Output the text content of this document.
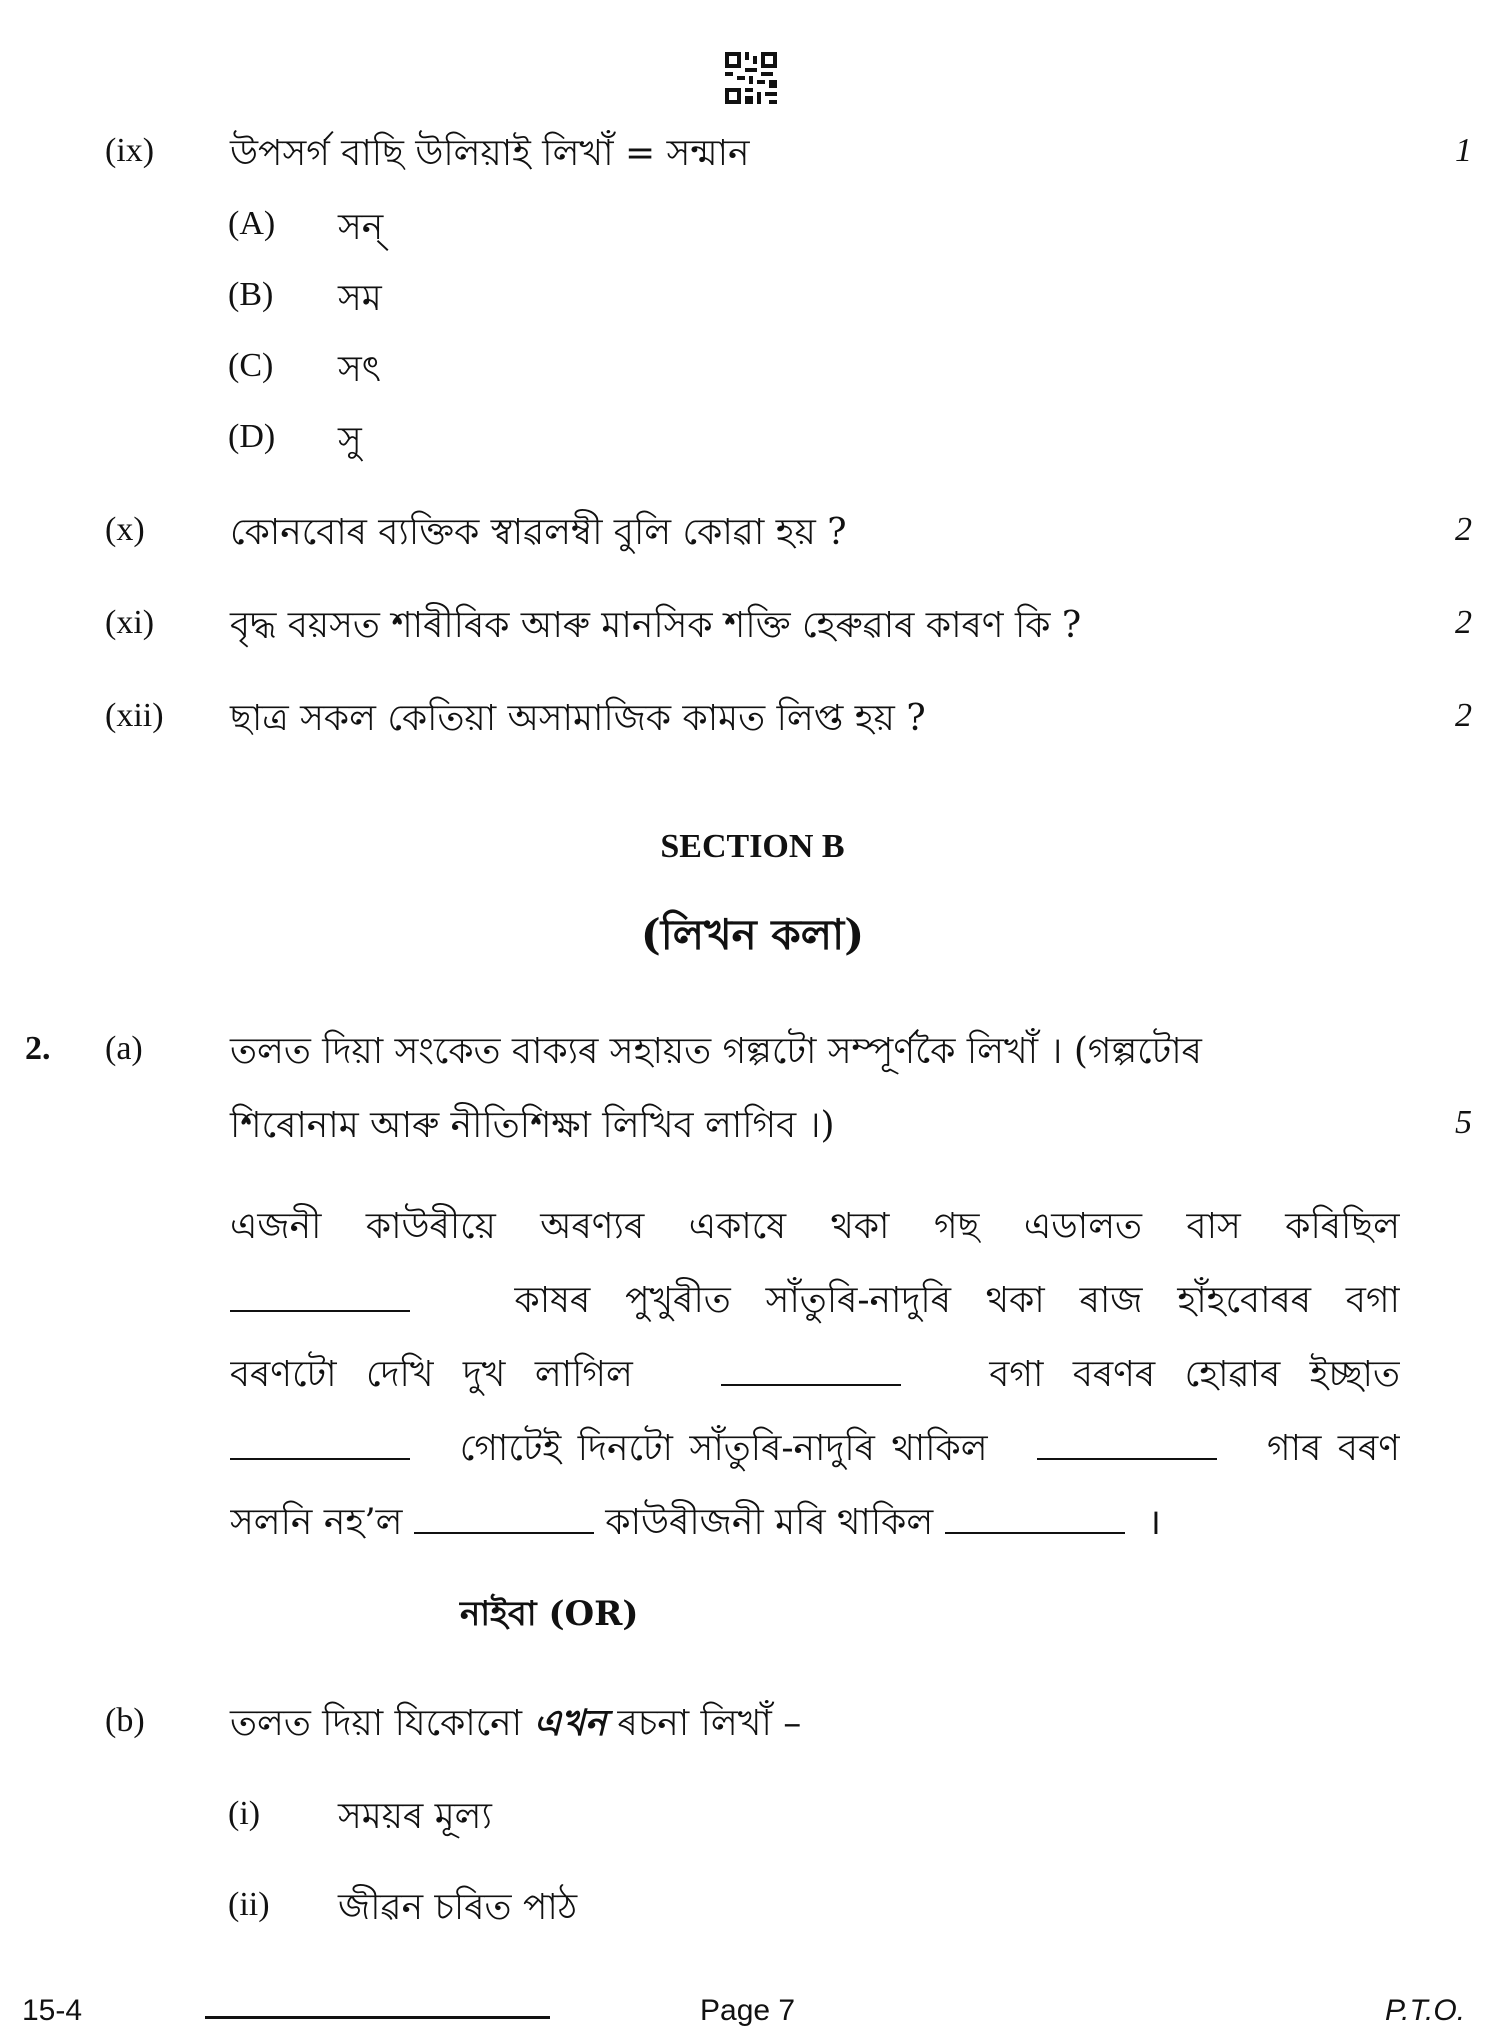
(ix) উপসর্গ বাছি উলিয়াই লিখাঁ = সন্মান	1
(A) সন্
(B) সম
(C) সৎ
(D) সু
(x) কোনবোৰ ব্যক্তিক স্বাৱলম্বী বুলি কোৱা হয় ?	2
(xi) বৃদ্ধ বয়সত শাৰীৰিক আৰু মানসিক শক্তি হেৰুৱাৰ কাৰণ কি ?	2
(xii) ছাত্ৰ সকল কেতিয়া অসামাজিক কামত লিপ্ত হয় ?	2
SECTION B
(লিখন কলা)
2. (a) তলত দিয়া সংকেত বাক্যৰ সহায়ত গল্পটো সম্পূৰ্ণকৈ লিখাঁ । (গল্পটোৰ
শিৰোনাম আৰু নীতিশিক্ষা লিখিব লাগিব ।)	5
এজনী কাউৰীয়ে অৰণ্যৰ একাষে থকা গছ এডালত বাস কৰিছিল
কাষৰ পুখুৰীত সাঁতুৰি-নাদুৰি থকা ৰাজ হাঁহবোৰৰ বগা
বৰণটো দেখি দুখ লাগিল	বগা বৰণৰ হোৱাৰ ইচ্ছাত
গোটেই দিনটো সাঁতুৰি-নাদুৰি থাকিল	গাৰ বৰণ
সলনি নহ’ল	কাউৰীজনী মৰি থাকিল	।
নাইবা (OR)
(b) তলত দিয়া যিকোনো এখন ৰচনা লিখাঁ –
(i) সময়ৰ মূল্য
(ii) জীৱন চৰিত পাঠ
15-4	Page 7	P.T.O.
